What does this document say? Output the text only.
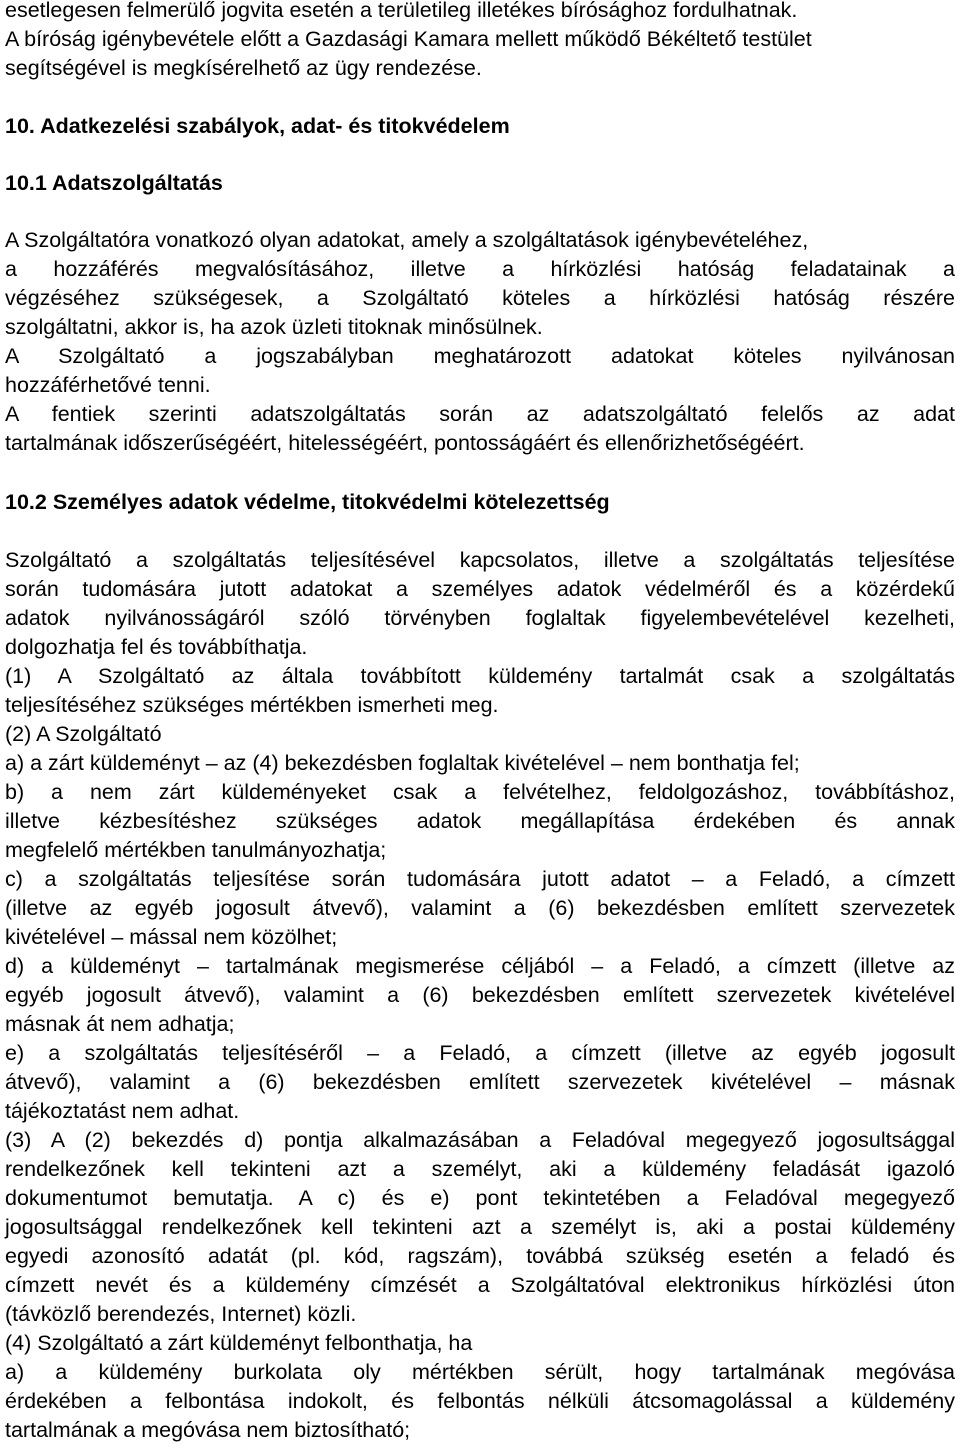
esetlegesen felmerülő jogvita esetén a területileg illetékes bírósághoz fordulhatnak.
A bíróság igénybevétele előtt a Gazdasági Kamara mellett működő Békéltető testület
segítségével is megkísérelhető az ügy rendezése.
10. Adatkezelési szabályok, adat- és titokvédelem
10.1 Adatszolgáltatás
A Szolgáltatóra vonatkozó olyan adatokat, amely a szolgáltatások igénybevételéhez,
a hozzáférés megvalósításához, illetve a hírközlési hatóság feladatainak a
végzéséhez szükségesek, a Szolgáltató köteles a hírközlési hatóság részére
szolgáltatni, akkor is, ha azok üzleti titoknak minősülnek.
A Szolgáltató a jogszabályban meghatározott adatokat köteles nyilvánosan
hozzáférhetővé tenni.
A fentiek szerinti adatszolgáltatás során az adatszolgáltató felelős az adat
tartalmának időszerűségéért, hitelességéért, pontosságáért és ellenőrizhetőségéért.
10.2 Személyes adatok védelme, titokvédelmi kötelezettség
Szolgáltató a szolgáltatás teljesítésével kapcsolatos, illetve a szolgáltatás teljesítése
során tudomására jutott adatokat a személyes adatok védelméről és a közérdekű
adatok nyilvánosságáról szóló törvényben foglaltak figyelembevételével kezelheti,
dolgozhatja fel és továbbíthatja.
(1) A Szolgáltató az általa továbbított küldemény tartalmát csak a szolgáltatás
teljesítéséhez szükséges mértékben ismerheti meg.
(2) A Szolgáltató
a) a zárt küldeményt – az (4) bekezdésben foglaltak kivételével – nem bonthatja fel;
b) a nem zárt küldeményeket csak a felvételhez, feldolgozáshoz, továbbításhoz,
illetve kézbesítéshez szükséges adatok megállapítása érdekében és annak
megfelelő mértékben tanulmányozhatja;
c) a szolgáltatás teljesítése során tudomására jutott adatot – a Feladó, a címzett
(illetve az egyéb jogosult átvevő), valamint a (6) bekezdésben említett szervezetek
kivételével – mással nem közölhet;
d) a küldeményt – tartalmának megismerése céljából – a Feladó, a címzett (illetve az
egyéb jogosult átvevő), valamint a (6) bekezdésben említett szervezetek kivételével
másnak át nem adhatja;
e) a szolgáltatás teljesítéséről – a Feladó, a címzett (illetve az egyéb jogosult
átvevő), valamint a (6) bekezdésben említett szervezetek kivételével – másnak
tájékoztatást nem adhat.
(3) A (2) bekezdés d) pontja alkalmazásában a Feladóval megegyező jogosultsággal
rendelkezőnek kell tekinteni azt a személyt, aki a küldemény feladását igazoló
dokumentumot bemutatja. A c) és e) pont tekintetében a Feladóval megegyező
jogosultsággal rendelkezőnek kell tekinteni azt a személyt is, aki a postai küldemény
egyedi azonosító adatát (pl. kód, ragszám), továbbá szükség esetén a feladó és
címzett nevét és a küldemény címzését a Szolgáltatóval elektronikus hírközlési úton
(távközlő berendezés, Internet) közli.
(4) Szolgáltató a zárt küldeményt felbonthatja, ha
a) a küldemény burkolata oly mértékben sérült, hogy tartalmának megóvása
érdekében a felbontása indokolt, és felbontás nélküli átcsomagolással a küldemény
tartalmának a megóvása nem biztosítható;
